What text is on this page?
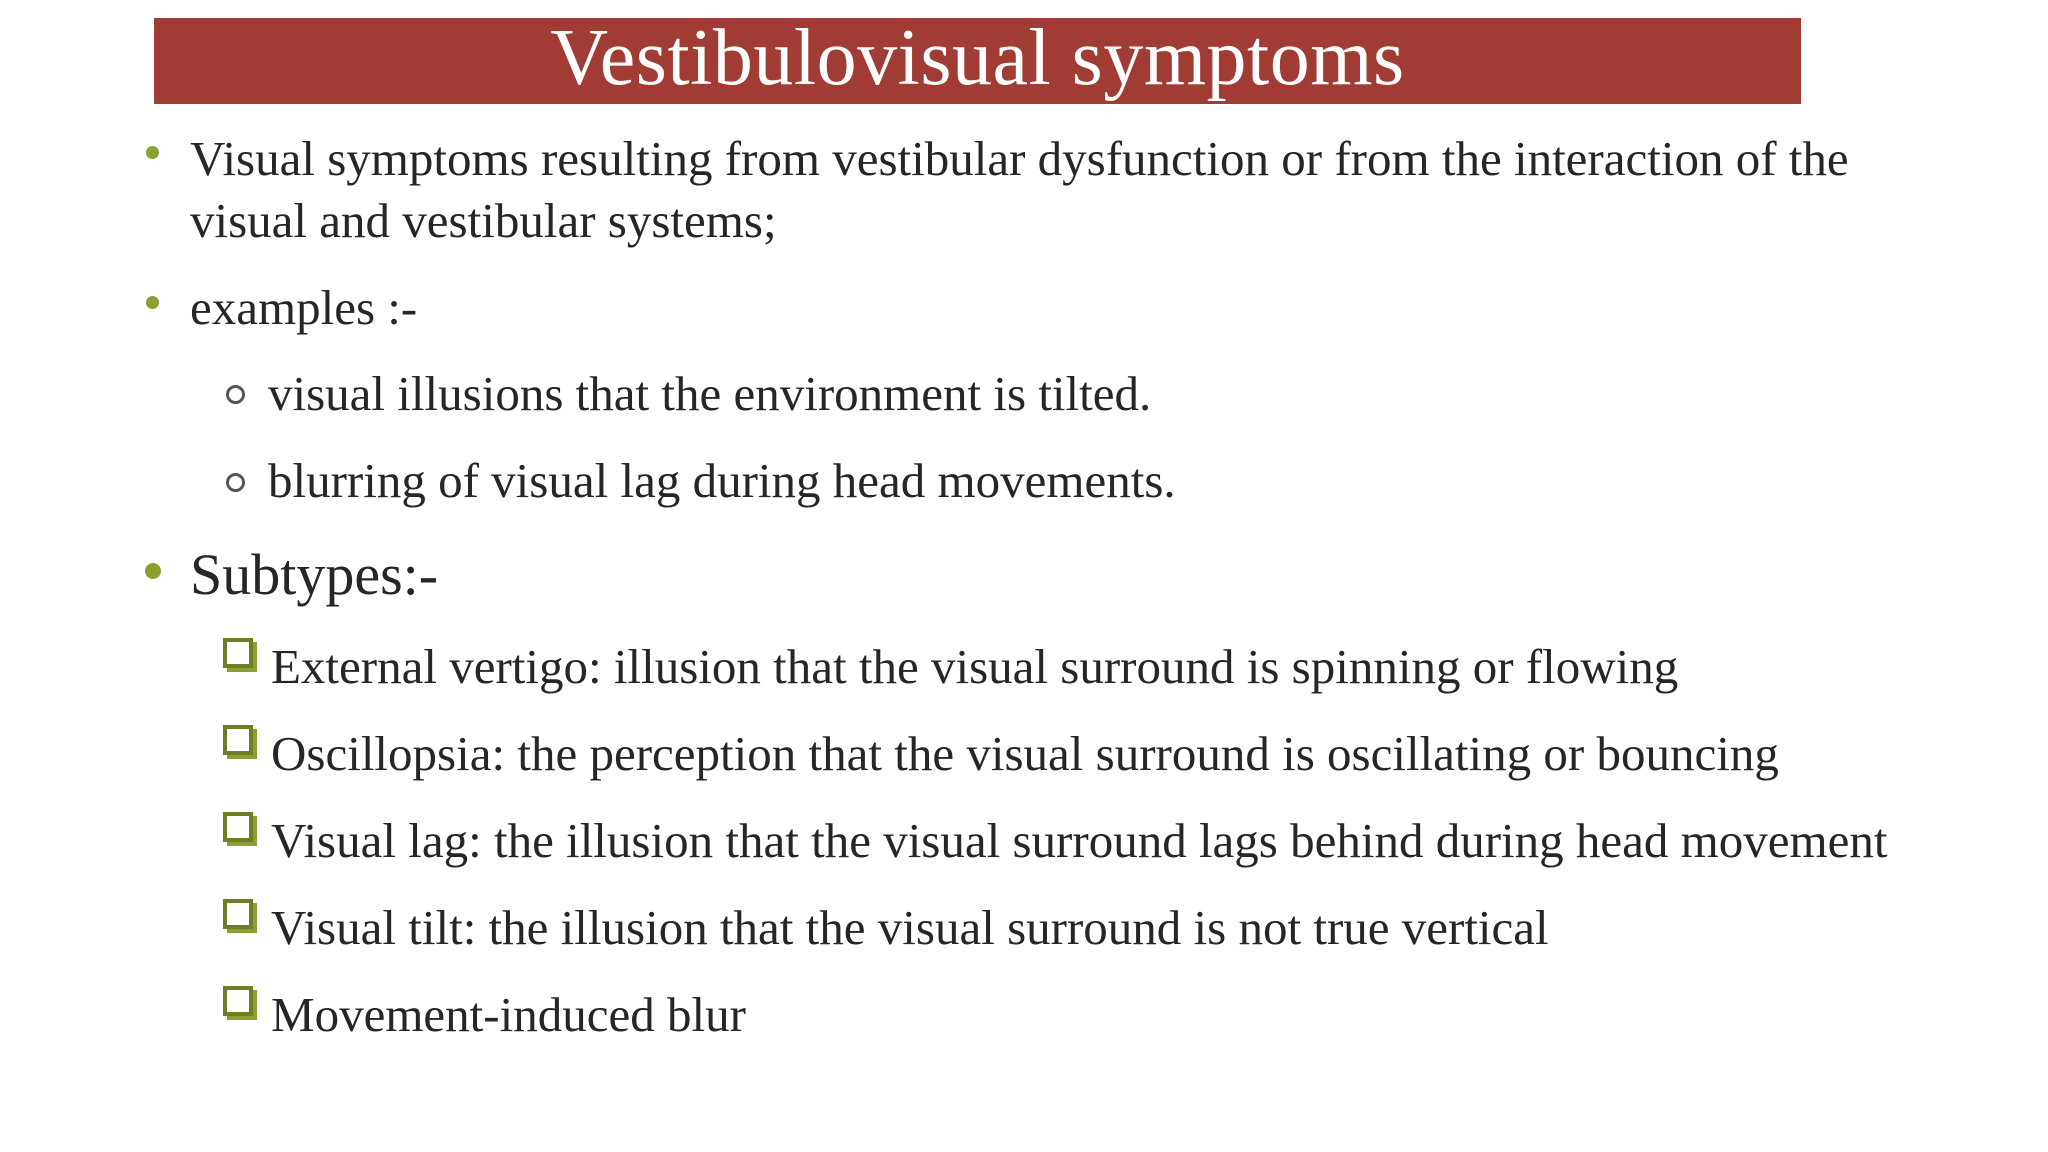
Vestibulovisual symptoms
Visual symptoms resulting from vestibular dysfunction or from the interaction of the
visual and vestibular systems;
examples :-
visual illusions that the environment is tilted.
blurring of visual lag during head movements.
Subtypes:-
External vertigo: illusion that the visual surround is spinning or flowing
Oscillopsia: the perception that the visual surround is oscillating or bouncing
Visual lag: the illusion that the visual surround lags behind during head movement
Visual tilt: the illusion that the visual surround is not true vertical
Movement-induced blur
